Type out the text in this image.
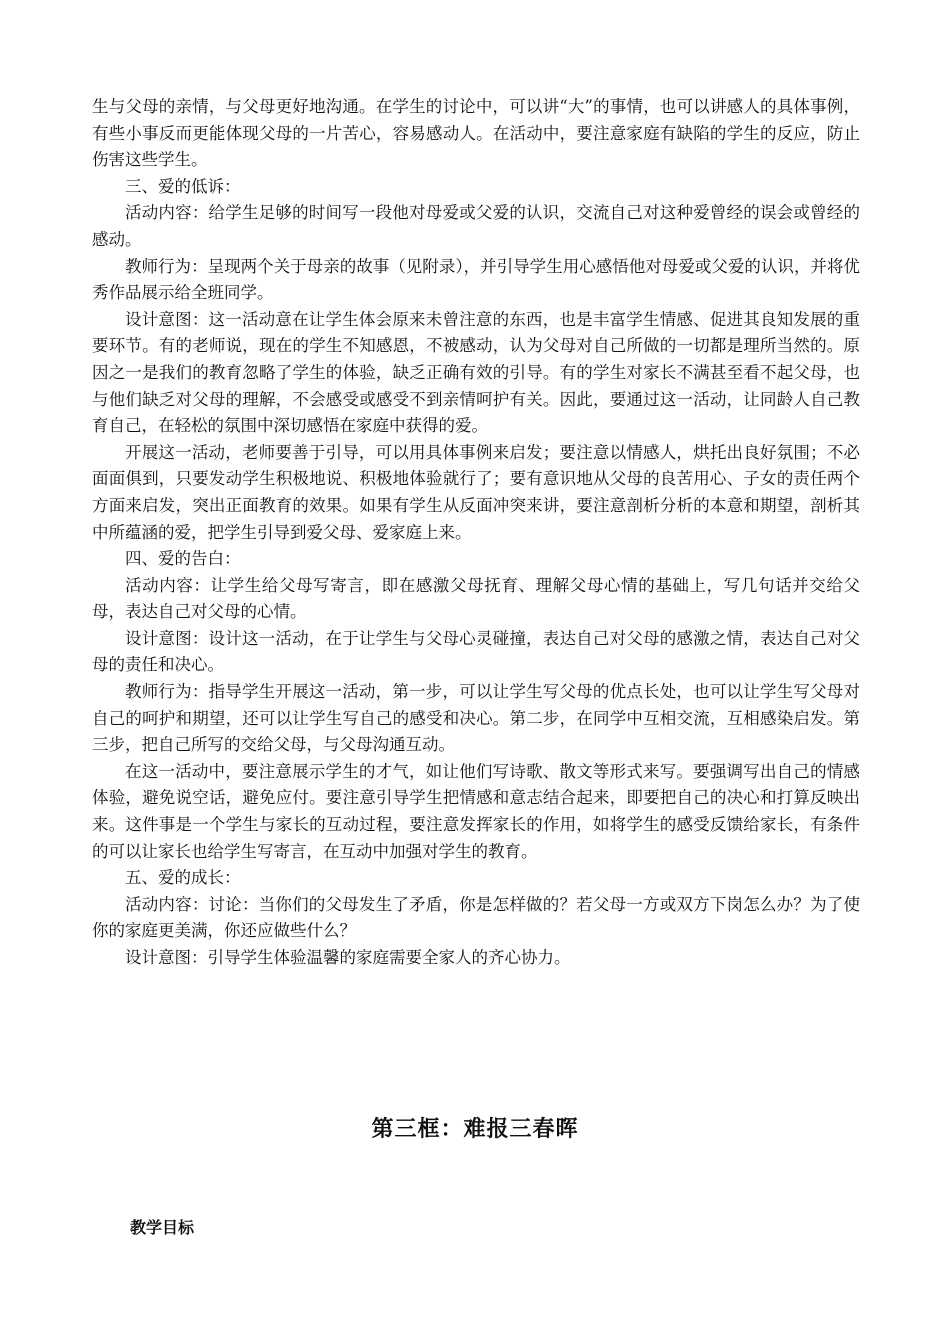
生与父母的亲情，与父母更好地沟通。在学生的讨论中，可以讲“大”的事情，也可以讲感人的具体事例，有些小事反而更能体现父母的一片苦心，容易感动人。在活动中，要注意家庭有缺陷的学生的反应，防止伤害这些学生。

三、爱的低诉：

活动内容：给学生足够的时间写一段他对母爱或父爱的认识，交流自己对这种爱曾经的误会或曾经的感动。

教师行为：呈现两个关于母亲的故事（见附录），并引导学生用心感悟他对母爱或父爱的认识，并将优秀作品展示给全班同学。

设计意图：这一活动意在让学生体会原来未曾注意的东西，也是丰富学生情感、促进其良知发展的重要环节。有的老师说，现在的学生不知感恩，不被感动，认为父母对自己所做的一切都是理所当然的。原因之一是我们的教育忽略了学生的体验，缺乏正确有效的引导。有的学生对家长不满甚至看不起父母，也与他们缺乏对父母的理解，不会感受或感受不到亲情呵护有关。因此，要通过这一活动，让同龄人自己教育自己，在轻松的氛围中深切感悟在家庭中获得的爱。

开展这一活动，老师要善于引导，可以用具体事例来启发；要注意以情感人，烘托出良好氛围；不必面面俱到，只要发动学生积极地说、积极地体验就行了；要有意识地从父母的良苦用心、子女的责任两个方面来启发，突出正面教育的效果。如果有学生从反面冲突来讲，要注意剖析分析的本意和期望，剖析其中所蕴涵的爱，把学生引导到爱父母、爱家庭上来。

四、爱的告白：

活动内容：让学生给父母写寄言，即在感激父母抚育、理解父母心情的基础上，写几句话并交给父母，表达自己对父母的心情。

设计意图：设计这一活动，在于让学生与父母心灵碰撞，表达自己对父母的感激之情，表达自己对父母的责任和决心。

教师行为：指导学生开展这一活动，第一步，可以让学生写父母的优点长处，也可以让学生写父母对自己的呵护和期望，还可以让学生写自己的感受和决心。第二步，在同学中互相交流，互相感染启发。第三步，把自己所写的交给父母，与父母沟通互动。

在这一活动中，要注意展示学生的才气，如让他们写诗歌、散文等形式来写。要强调写出自己的情感体验，避免说空话，避免应付。要注意引导学生把情感和意志结合起来，即要把自己的决心和打算反映出来。这件事是一个学生与家长的互动过程，要注意发挥家长的作用，如将学生的感受反馈给家长，有条件的可以让家长也给学生写寄言，在互动中加强对学生的教育。

五、爱的成长：

活动内容：讨论：当你们的父母发生了矛盾，你是怎样做的？若父母一方或双方下岗怎么办？为了使你的家庭更美满，你还应做些什么？

设计意图：引导学生体验温馨的家庭需要全家人的齐心协力。

第三框：难报三春晖
教学目标
